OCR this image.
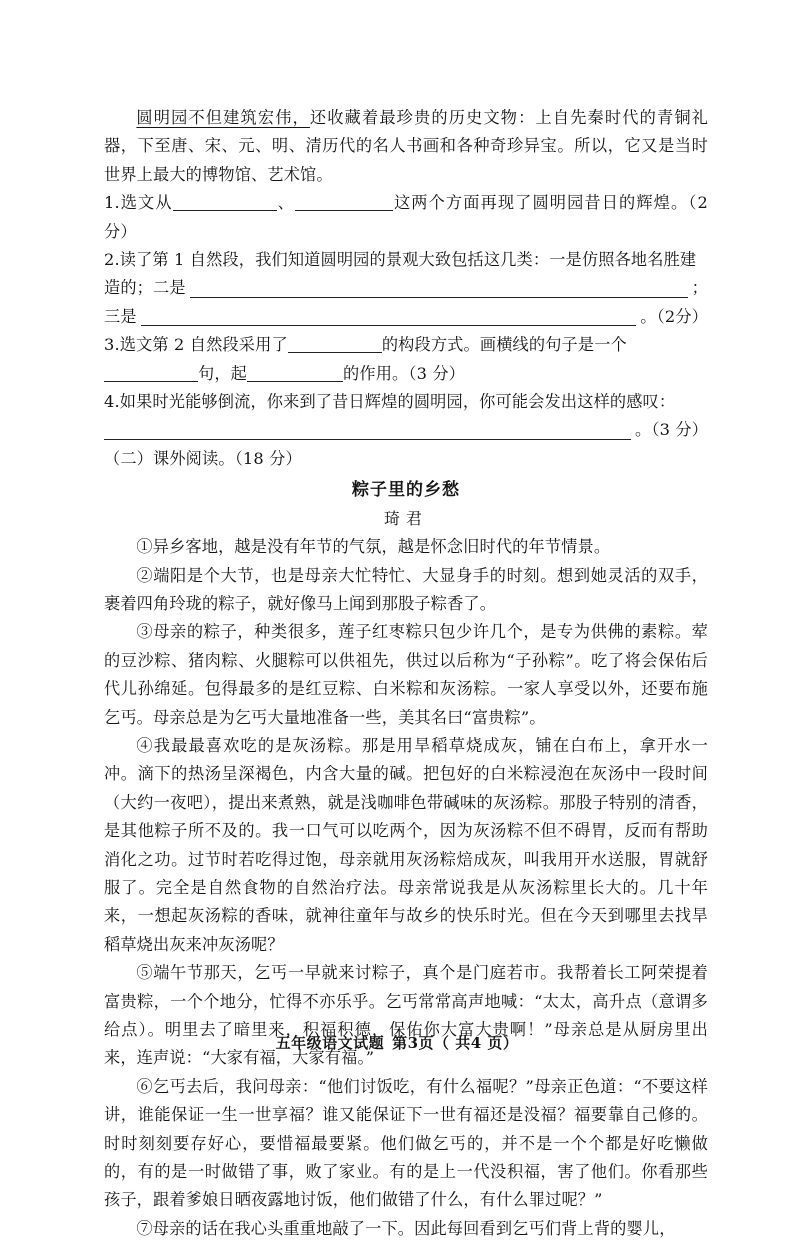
圆明园不但建筑宏伟，还收藏着最珍贵的历史文物：上自先秦时代的青铜礼器，下至唐、宋、元、明、清历代的名人书画和各种奇珍异宝。所以，它又是当时世界上最大的博物馆、艺术馆。

1.选文从	、	这两个方面再现了圆明园昔日的辉煌。（2分）

2.读了第 1 自然段，我们知道圆明园的景观大致包括这几类：一是仿照各地名胜建

造的；二是	；
三是	。（2分）

3.选文第 2 自然段采用了	的构段方式。画横线的句子是一个
句，起	的作用。（3 分）

4.如果时光能够倒流，你来到了昔日辉煌的圆明园，你可能会发出这样的感叹：

。（3 分）

（二）课外阅读。（18 分）

粽子里的乡愁
琦君

①异乡客地，越是没有年节的气氛，越是怀念旧时代的年节情景。

②端阳是个大节，也是母亲大忙特忙、大显身手的时刻。想到她灵活的双手，裹着四角玲珑的粽子，就好像马上闻到那股子粽香了。

③母亲的粽子，种类很多，莲子红枣粽只包少许几个，是专为供佛的素粽。荤的豆沙粽、猪肉粽、火腿粽可以供祖先，供过以后称为“子孙粽”。吃了将会保佑后代儿孙绵延。包得最多的是红豆粽、白米粽和灰汤粽。一家人享受以外，还要布施乞丐。母亲总是为乞丐大量地准备一些，美其名曰“富贵粽”。

④我最最喜欢吃的是灰汤粽。那是用旱稻草烧成灰，铺在白布上，拿开水一冲。滴下的热汤呈深褐色，内含大量的碱。把包好的白米粽浸泡在灰汤中一段时间（大约一夜吧），提出来煮熟，就是浅咖啡色带碱味的灰汤粽。那股子特别的清香，是其他粽子所不及的。我一口气可以吃两个，因为灰汤粽不但不碍胃，反而有帮助消化之功。过节时若吃得过饱，母亲就用灰汤粽焙成灰，叫我用开水送服，胃就舒服了。完全是自然食物的自然治疗法。母亲常说我是从灰汤粽里长大的。几十年来，一想起灰汤粽的香味，就神往童年与故乡的快乐时光。但在今天到哪里去找旱稻草烧出灰来冲灰汤呢？

⑤端午节那天，乞丐一早就来讨粽子，真个是门庭若市。我帮着长工阿荣提着富贵粽，一个个地分，忙得不亦乐乎。乞丐常常高声地喊：“太太，高升点（意谓多给点）。明里去了暗里来，积福积德，保佑你大富大贵啊！”母亲总是从厨房里出来，连声说：“大家有福，大家有福。”

⑥乞丐去后，我问母亲：“他们讨饭吃，有什么福呢？”母亲正色道：“不要这样讲，谁能保证一生一世享福？谁又能保证下一世有福还是没福？福要靠自己修的。时时刻刻要存好心，要惜福最要紧。他们做乞丐的，并不是一个个都是好吃懒做的，有的是一时做错了事，败了家业。有的是上一代没积福，害了他们。你看那些孩子，跟着爹娘日晒夜露地讨饭，他们做错了什么，有什么罪过呢？”

⑦母亲的话在我心头重重地敲了一下。因此每回看到乞丐们背上背的婴儿，

五年级语文试题 第3页（ 共4 页）
